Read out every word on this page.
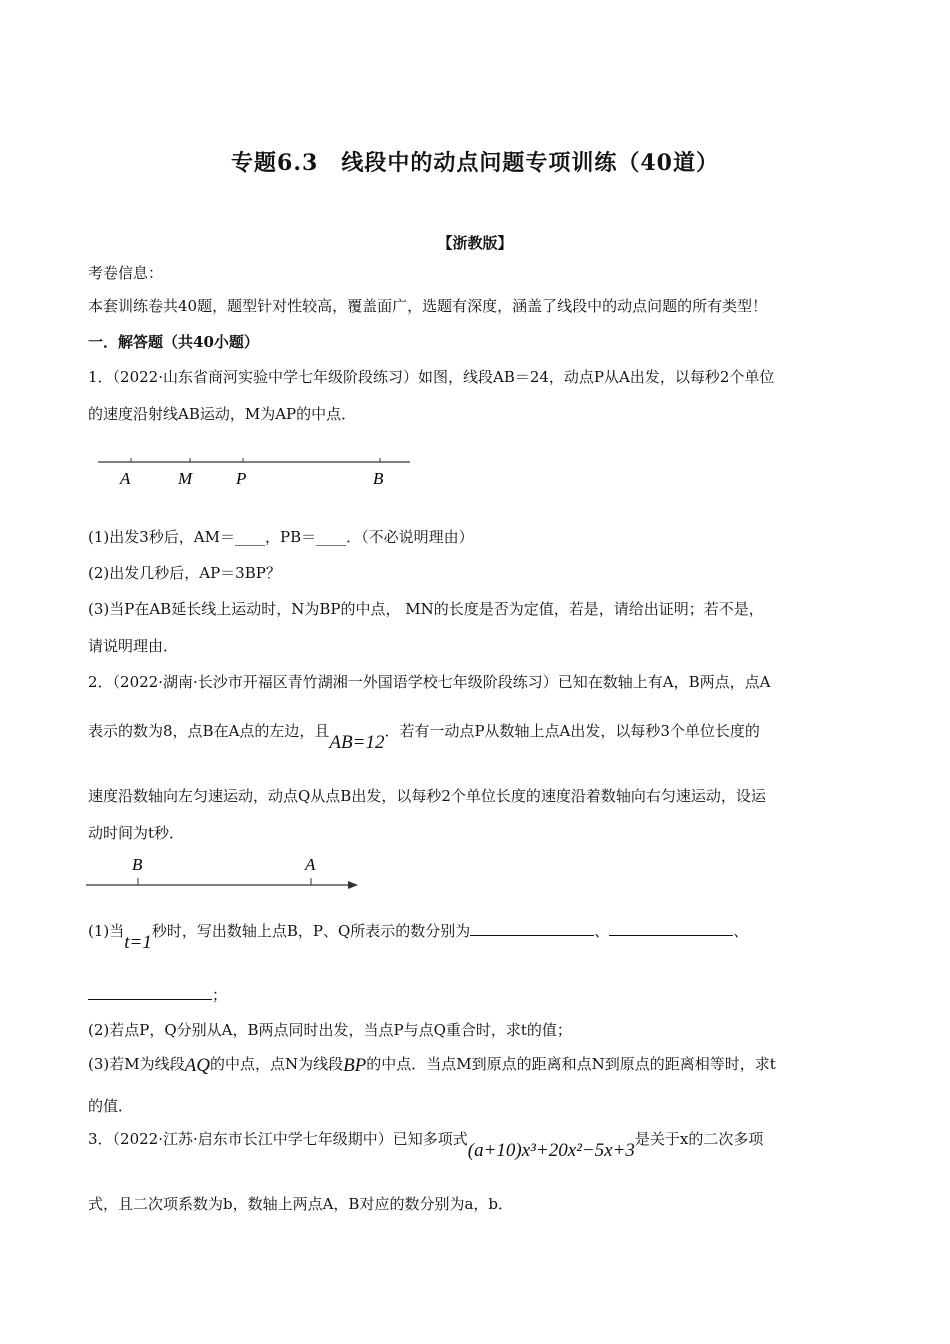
专题6.3　线段中的动点问题专项训练（40道）
【浙教版】
考卷信息：
本套训练卷共40题，题型针对性较高，覆盖面广，选题有深度，涵盖了线段中的动点问题的所有类型！
一．解答题（共40小题）
1．（2022·山东省商河实验中学七年级阶段练习）如图，线段AB＝24，动点P从A出发，以每秒2个单位
的速度沿射线AB运动，M为AP的中点．
A	M	P	B
(1)出发3秒后，AM＝____，PB＝____．（不必说明理由）
(2)出发几秒后，AP＝3BP？
(3)当P在AB延长线上运动时，N为BP的中点， MN的长度是否为定值，若是，请给出证明；若不是，
请说明理由．
2．（2022·湖南·长沙市开福区青竹湖湘一外国语学校七年级阶段练习）已知在数轴上有A，B两点，点A
表示的数为8，点B在A点的左边，且AB=12．若有一动点P从数轴上点A出发，以每秒3个单位长度的
速度沿数轴向左匀速运动，动点Q从点B出发，以每秒2个单位长度的速度沿着数轴向右匀速运动，设运
动时间为t秒．
B	A
(1)当t=1秒时，写出数轴上点B，P、Q所表示的数分别为	、	、
；
(2)若点P，Q分别从A，B两点同时出发，当点P与点Q重合时，求t的值；
(3)若M为线段AQ的中点，点N为线段BP的中点．当点M到原点的距离和点N到原点的距离相等时，求t
的值．
3．（2022·江苏·启东市长江中学七年级期中）已知多项式(a+10)x³+20x²−5x+3是关于x的二次多项
式，且二次项系数为b，数轴上两点A，B对应的数分别为a，b．
